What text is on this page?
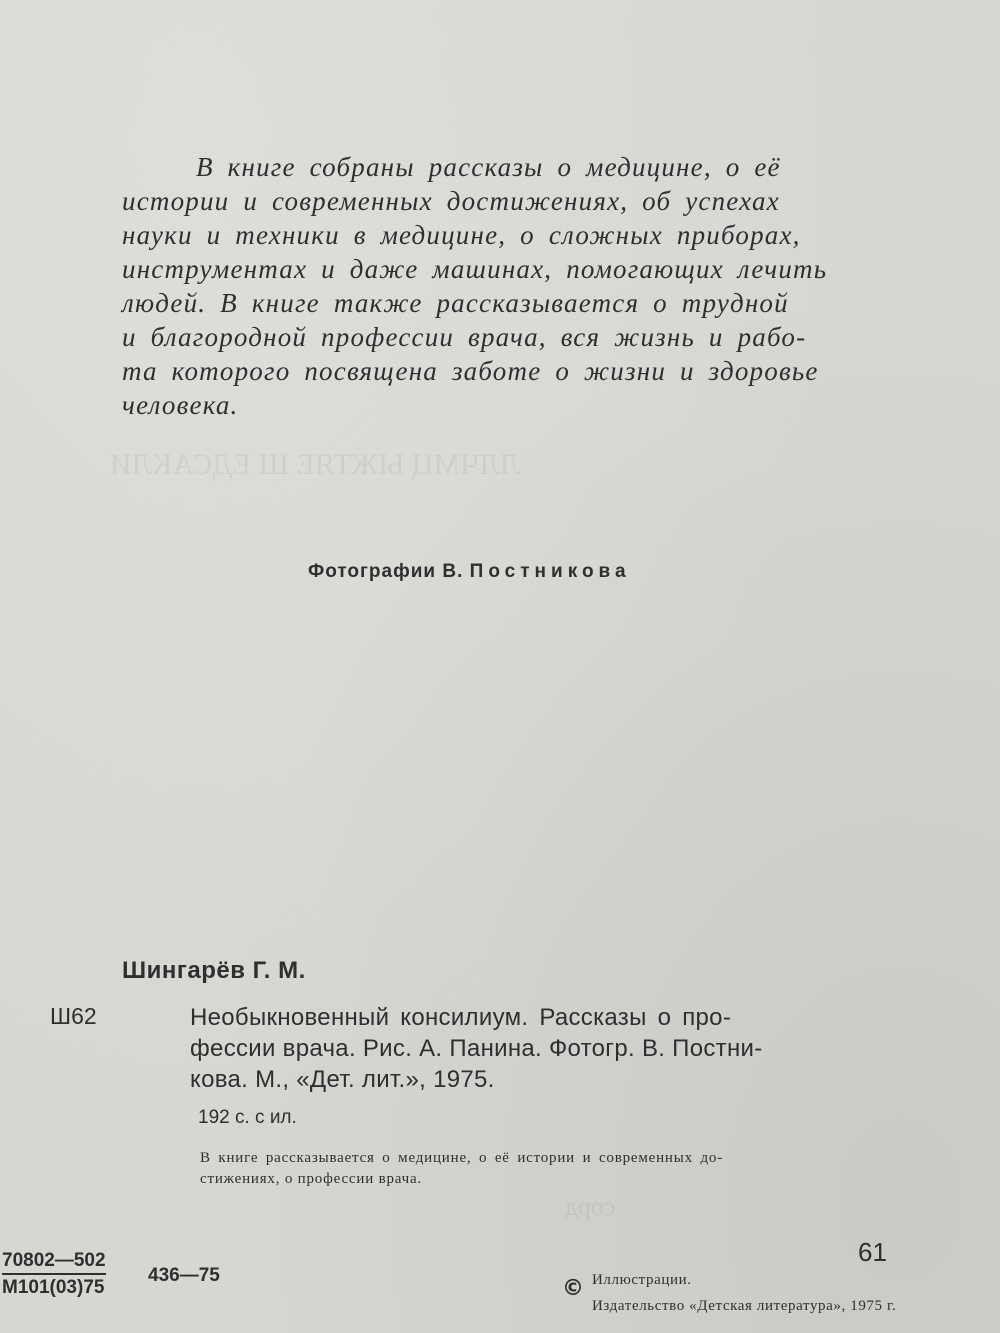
ЛЛЧМЦ ЫЖТЯЕ Ш ЕДСАКЛИ
сорд
В книге собраны рассказы о медицине, о её
истории и современных достижениях, об успехах
науки и техники в медицине, о сложных приборах,
инструментах и даже машинах, помогающих лечить
людей. В книге также рассказывается о трудной
и благородной профессии врача, вся жизнь и рабо-
та которого посвящена заботе о жизни и здоровье
человека.
Фотографии В. Постникова
Шингарёв Г. М.
Ш62	Необыкновенный консилиум. Рассказы о про-
фессии врача. Рис. А. Панина. Фотогр. В. Постни-
кова. М., «Дет. лит.», 1975.
192 с. с ил.
В книге рассказывается о медицине, о её истории и современных до-
стижениях, о профессии врача.
70802—502
М101(03)75
436—75
61
© Иллюстрации.
Издательство «Детская литература», 1975 г.
